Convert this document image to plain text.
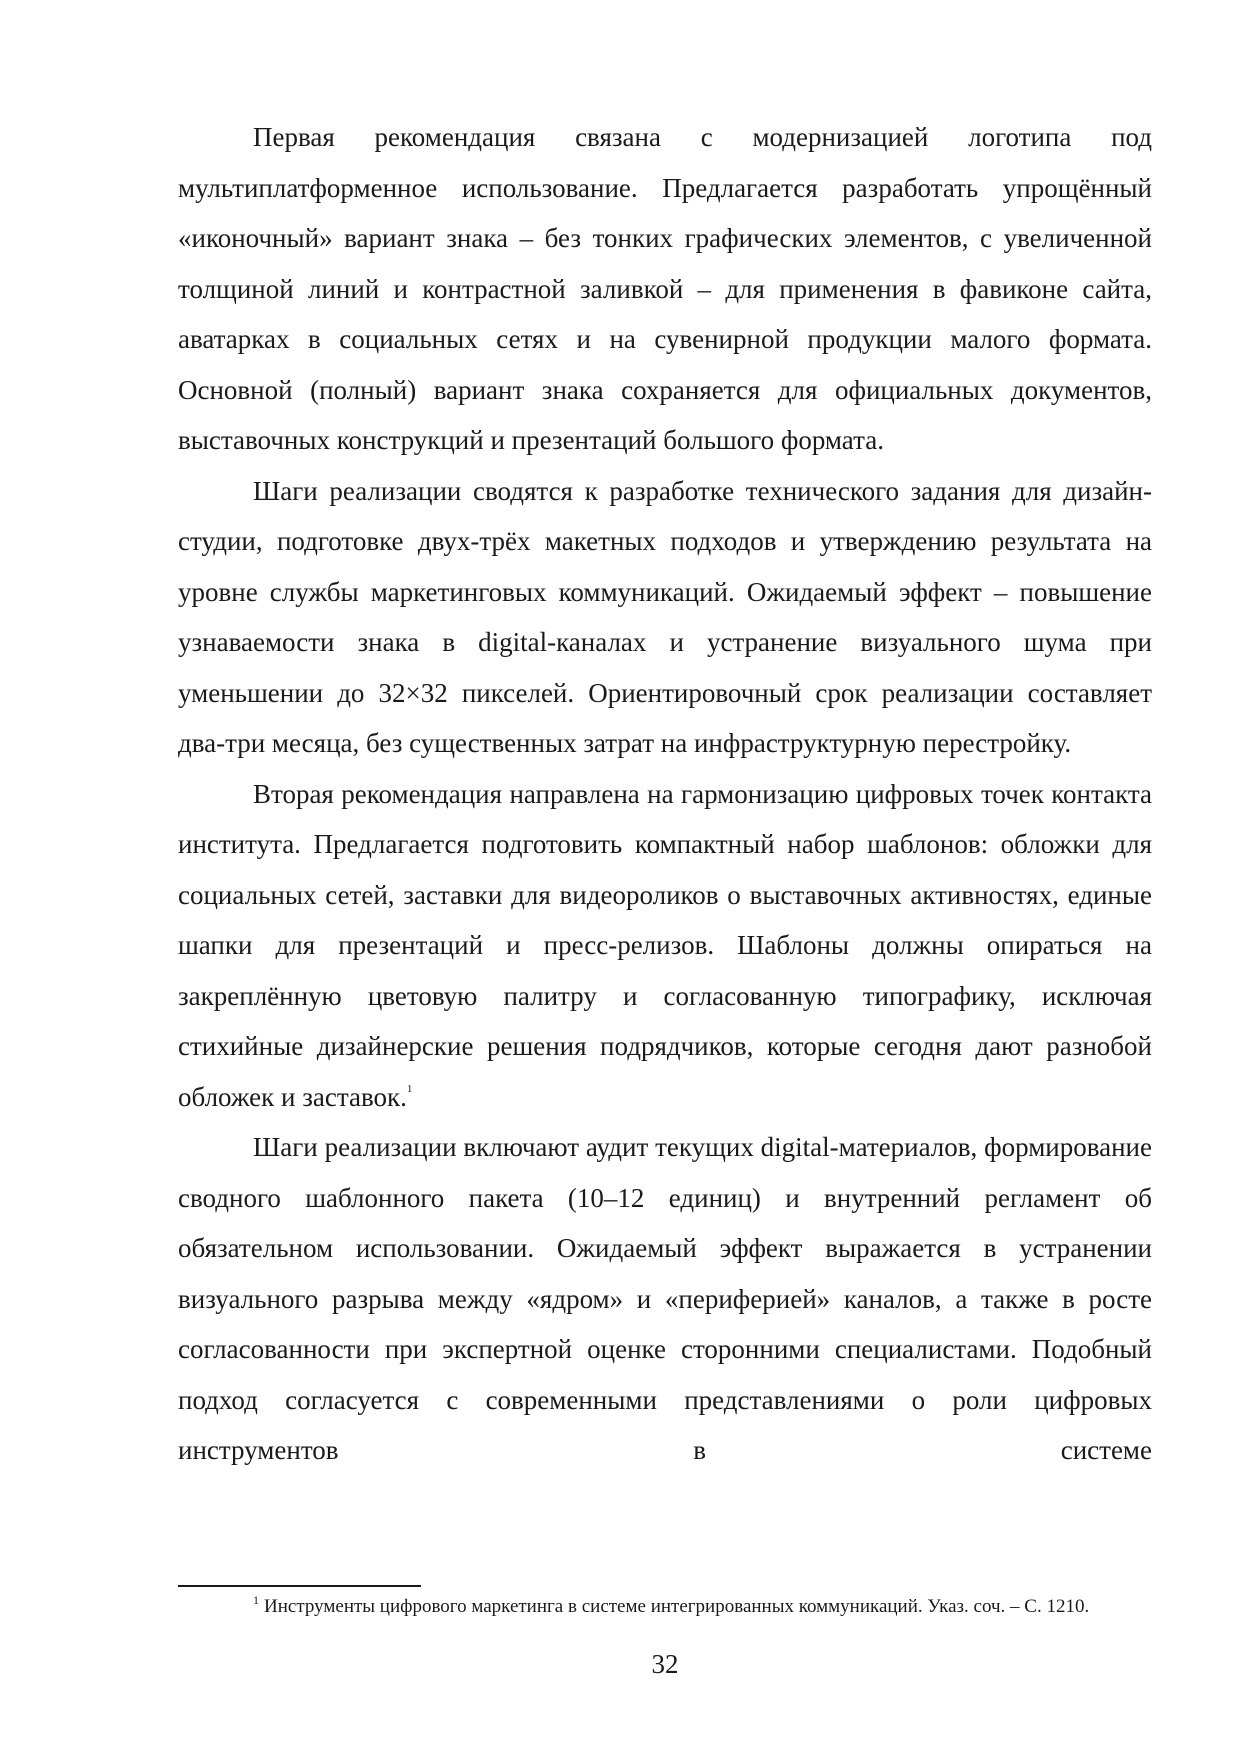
Первая рекомендация связана с модернизацией логотипа под мультиплатформенное использование. Предлагается разработать упрощённый «иконочный» вариант знака – без тонких графических элементов, с увеличенной толщиной линий и контрастной заливкой – для применения в фавиконе сайта, аватарках в социальных сетях и на сувенирной продукции малого формата. Основной (полный) вариант знака сохраняется для официальных документов, выставочных конструкций и презентаций большого формата.

Шаги реализации сводятся к разработке технического задания для дизайн-студии, подготовке двух-трёх макетных подходов и утверждению результата на уровне службы маркетинговых коммуникаций. Ожидаемый эффект – повышение узнаваемости знака в digital-каналах и устранение визуального шума при уменьшении до 32×32 пикселей. Ориентировочный срок реализации составляет два-три месяца, без существенных затрат на инфраструктурную перестройку.

Вторая рекомендация направлена на гармонизацию цифровых точек контакта института. Предлагается подготовить компактный набор шаблонов: обложки для социальных сетей, заставки для видеороликов о выставочных активностях, единые шапки для презентаций и пресс-релизов. Шаблоны должны опираться на закреплённую цветовую палитру и согласованную типографику, исключая стихийные дизайнерские решения подрядчиков, которые сегодня дают разнобой обложек и заставок.$^1$

Шаги реализации включают аудит текущих digital-материалов, формирование сводного шаблонного пакета (10–12 единиц) и внутренний регламент об обязательном использовании. Ожидаемый эффект выражается в устранении визуального разрыва между «ядром» и «периферией» каналов, а также в росте согласованности при экспертной оценке сторонними специалистами. Подобный подход согласуется с современными представлениями о роли цифровых инструментов в системе

$^1$ Инструменты цифрового маркетинга в системе интегрированных коммуникаций. Указ. соч. – С. 1210.

32
